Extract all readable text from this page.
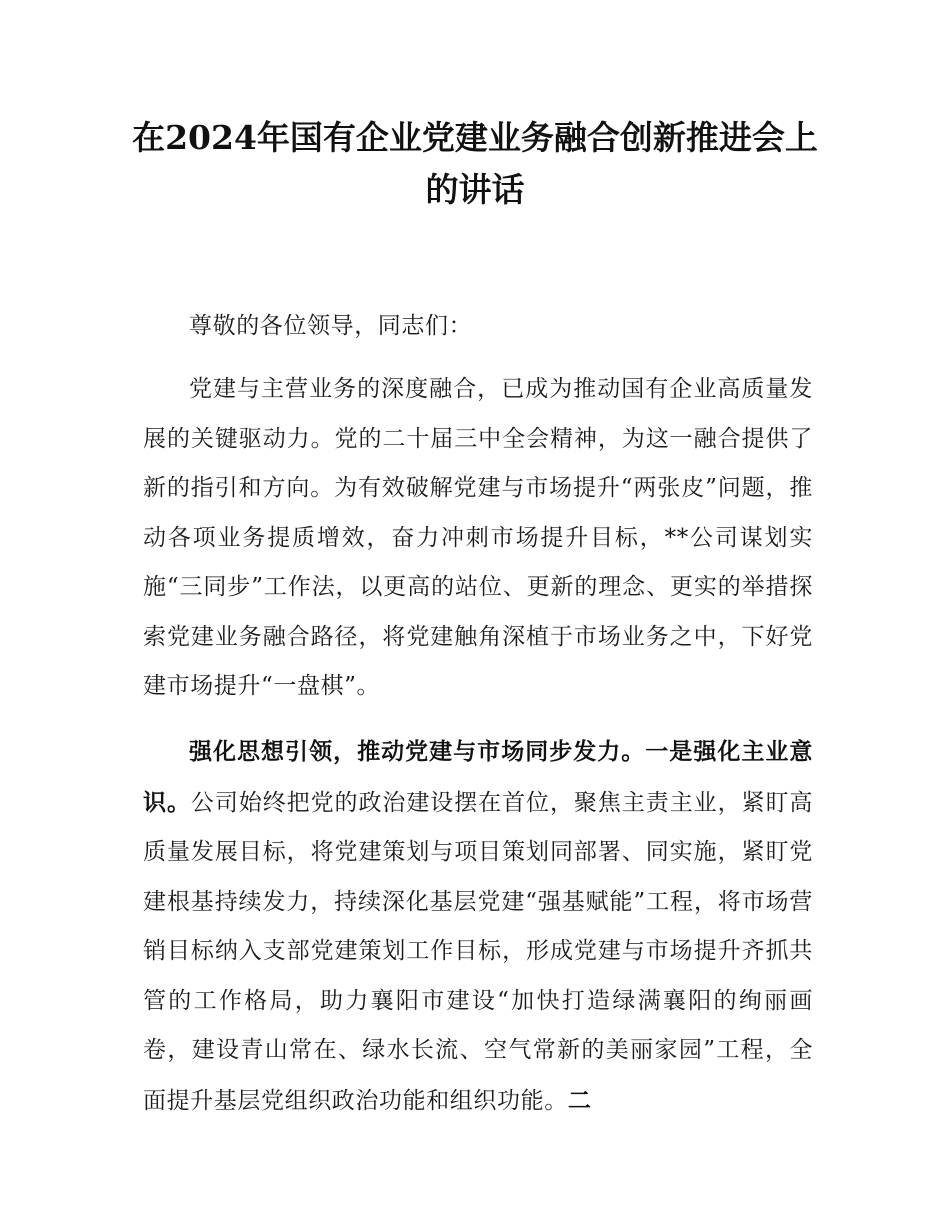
在2024年国有企业党建业务融合创新推进会上的讲话

尊敬的各位领导，同志们：

党建与主营业务的深度融合，已成为推动国有企业高质量发展的关键驱动力。党的二十届三中全会精神，为这一融合提供了新的指引和方向。为有效破解党建与市场提升“两张皮”问题，推动各项业务提质增效，奋力冲刺市场提升目标，**公司谋划实施“三同步”工作法，以更高的站位、更新的理念、更实的举措探索党建业务融合路径，将党建触角深植于市场业务之中，下好党建市场提升“一盘棋”。

强化思想引领，推动党建与市场同步发力。一是强化主业意识。公司始终把党的政治建设摆在首位，聚焦主责主业，紧盯高质量发展目标，将党建策划与项目策划同部署、同实施，紧盯党建根基持续发力，持续深化基层党建“强基赋能”工程，将市场营销目标纳入支部党建策划工作目标，形成党建与市场提升齐抓共管的工作格局，助力襄阳市建设“加快打造绿满襄阳的绚丽画卷，建设青山常在、绿水长流、空气常新的美丽家园”工程，全面提升基层党组织政治功能和组织功能。二
